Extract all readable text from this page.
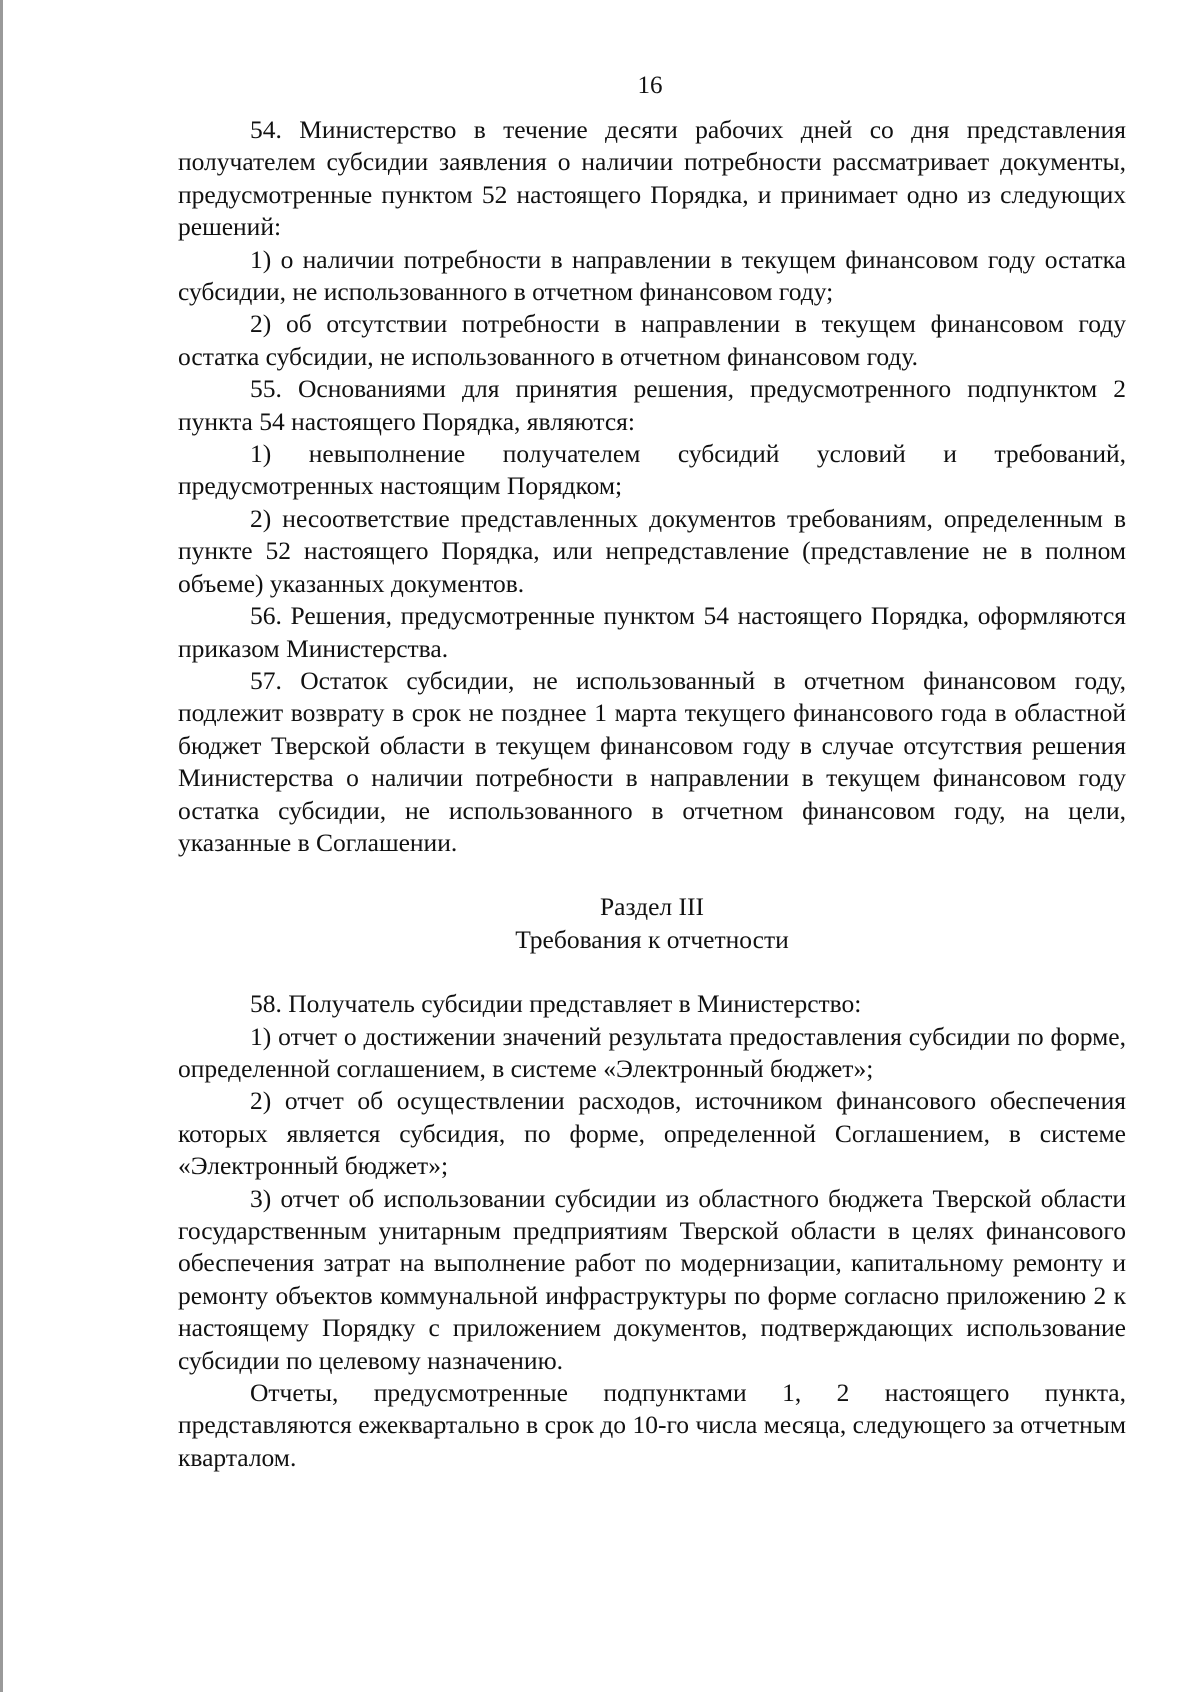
16

54. Министерство в течение десяти рабочих дней со дня представления получателем субсидии заявления о наличии потребности рассматривает документы, предусмотренные пунктом 52 настоящего Порядка, и принимает одно из следующих решений:

1) о наличии потребности в направлении в текущем финансовом году остатка субсидии, не использованного в отчетном финансовом году;

2) об отсутствии потребности в направлении в текущем финансовом году остатка субсидии, не использованного в отчетном финансовом году.

55. Основаниями для принятия решения, предусмотренного подпунктом 2 пункта 54 настоящего Порядка, являются:

1) невыполнение получателем субсидий условий и требований, предусмотренных настоящим Порядком;

2) несоответствие представленных документов требованиям, определенным в пункте 52 настоящего Порядка, или непредставление (представление не в полном объеме) указанных документов.

56. Решения, предусмотренные пунктом 54 настоящего Порядка, оформляются приказом Министерства.

57. Остаток субсидии, не использованный в отчетном финансовом году, подлежит возврату в срок не позднее 1 марта текущего финансового года в областной бюджет Тверской области в текущем финансовом году в случае отсутствия решения Министерства о наличии потребности в направлении в текущем финансовом году остатка субсидии, не использованного в отчетном финансовом году, на цели, указанные в Соглашении.

Раздел III

Требования к отчетности

58. Получатель субсидии представляет в Министерство:

1) отчет о достижении значений результата предоставления субсидии по форме, определенной соглашением, в системе «Электронный бюджет»;

2) отчет об осуществлении расходов, источником финансового обеспечения которых является субсидия, по форме, определенной Соглашением, в системе «Электронный бюджет»;

3) отчет об использовании субсидии из областного бюджета Тверской области государственным унитарным предприятиям Тверской области в целях финансового обеспечения затрат на выполнение работ по модернизации, капитальному ремонту и ремонту объектов коммунальной инфраструктуры по форме согласно приложению 2 к настоящему Порядку с приложением документов, подтверждающих использование субсидии по целевому назначению.

Отчеты, предусмотренные подпунктами 1, 2 настоящего пункта, представляются ежеквартально в срок до 10-го числа месяца, следующего за отчетным кварталом.
